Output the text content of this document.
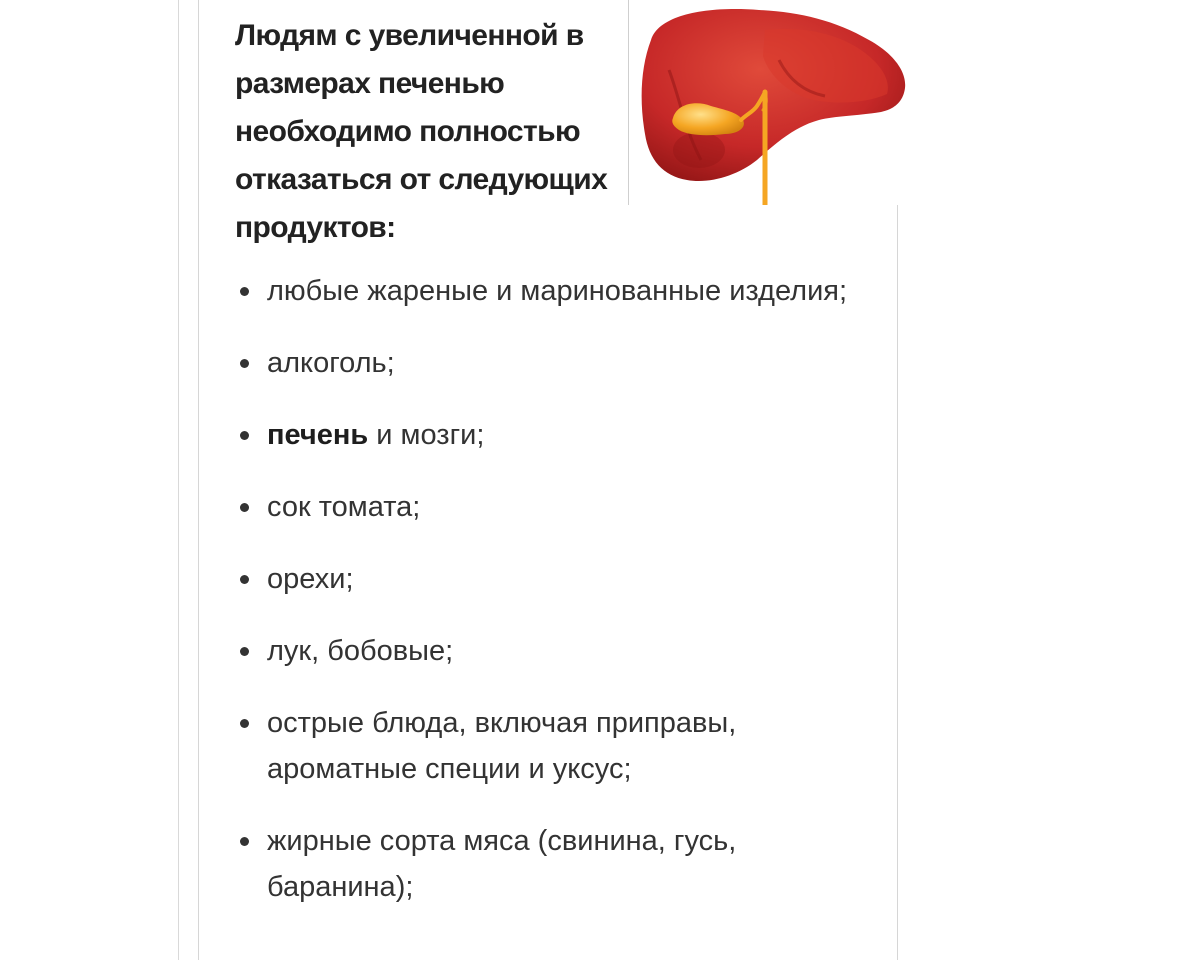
Людям с увеличенной в размерах печенью необходимо полностью отказаться от следующих продуктов:
любые жареные и маринованные изделия;
алкоголь;
печень и мозги;
сок томата;
орехи;
лук, бобовые;
острые блюда, включая приправы, ароматные специи и уксус;
жирные сорта мяса (свинина, гусь, баранина);
